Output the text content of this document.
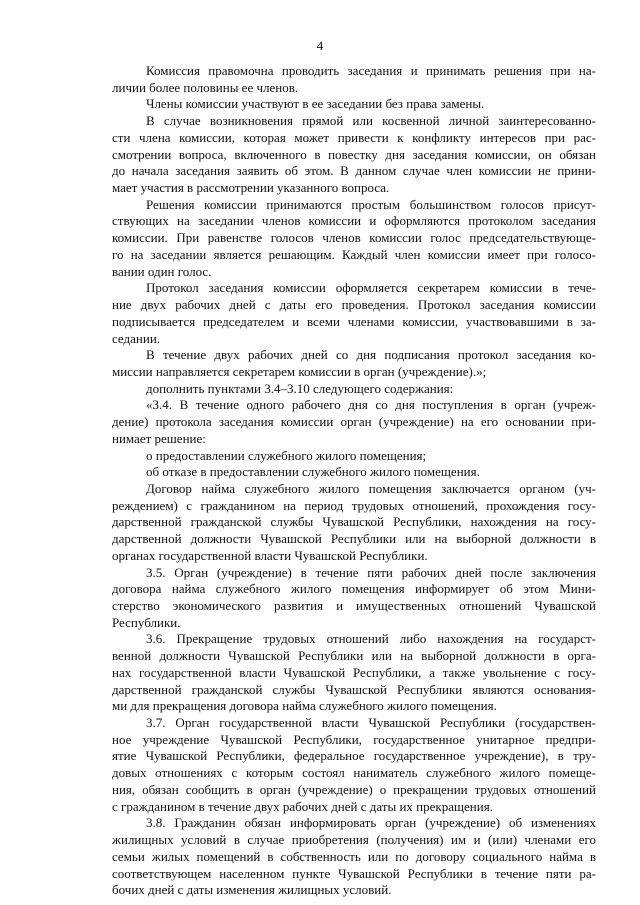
4
Комиссия правомочна проводить заседания и принимать решения при на-
личии более половины ее членов.
Члены комиссии участвуют в ее заседании без права замены.
В случае возникновения прямой или косвенной личной заинтересованно-
сти члена комиссии, которая может привести к конфликту интересов при рас-
смотрении вопроса, включенного в повестку дня заседания комиссии, он обязан
до начала заседания заявить об этом. В данном случае член комиссии не прини-
мает участия в рассмотрении указанного вопроса.
Решения комиссии принимаются простым большинством голосов присут-
ствующих на заседании членов комиссии и оформляются протоколом заседания
комиссии. При равенстве голосов членов комиссии голос председательствующе-
го на заседании является решающим. Каждый член комиссии имеет при голосо-
вании один голос.
Протокол заседания комиссии оформляется секретарем комиссии в тече-
ние двух рабочих дней с даты его проведения. Протокол заседания комиссии
подписывается председателем и всеми членами комиссии, участвовавшими в за-
седании.
В течение двух рабочих дней со дня подписания протокол заседания ко-
миссии направляется секретарем комиссии в орган (учреждение).»;
дополнить пунктами 3.4–3.10 следующего содержания:
«3.4. В течение одного рабочего дня со дня поступления в орган (учреж-
дение) протокола заседания комиссии орган (учреждение) на его основании при-
нимает решение:
о предоставлении служебного жилого помещения;
об отказе в предоставлении служебного жилого помещения.
Договор найма служебного жилого помещения заключается органом (уч-
реждением) с гражданином на период трудовых отношений, прохождения госу-
дарственной гражданской службы Чувашской Республики, нахождения на госу-
дарственной должности Чувашской Республики или на выборной должности в
органах государственной власти Чувашской Республики.
3.5. Орган (учреждение) в течение пяти рабочих дней после заключения
договора найма служебного жилого помещения информирует об этом Мини-
стерство экономического развития и имущественных отношений Чувашской
Республики.
3.6. Прекращение трудовых отношений либо нахождения на государст-
венной должности Чувашской Республики или на выборной должности в орга-
нах государственной власти Чувашской Республики, а также увольнение с госу-
дарственной гражданской службы Чувашской Республики являются основания-
ми для прекращения договора найма служебного жилого помещения.
3.7. Орган государственной власти Чувашской Республики (государствен-
ное учреждение Чувашской Республики, государственное унитарное предпри-
ятие Чувашской Республики, федеральное государственное учреждение), в тру-
довых отношениях с которым состоял наниматель служебного жилого помеще-
ния, обязан сообщить в орган (учреждение) о прекращении трудовых отношений
с гражданином в течение двух рабочих дней с даты их прекращения.
3.8. Гражданин обязан информировать орган (учреждение) об изменениях
жилищных условий в случае приобретения (получения) им и (или) членами его
семьи жилых помещений в собственность или по договору социального найма в
соответствующем населенном пункте Чувашской Республики в течение пяти ра-
бочих дней с даты изменения жилищных условий.
